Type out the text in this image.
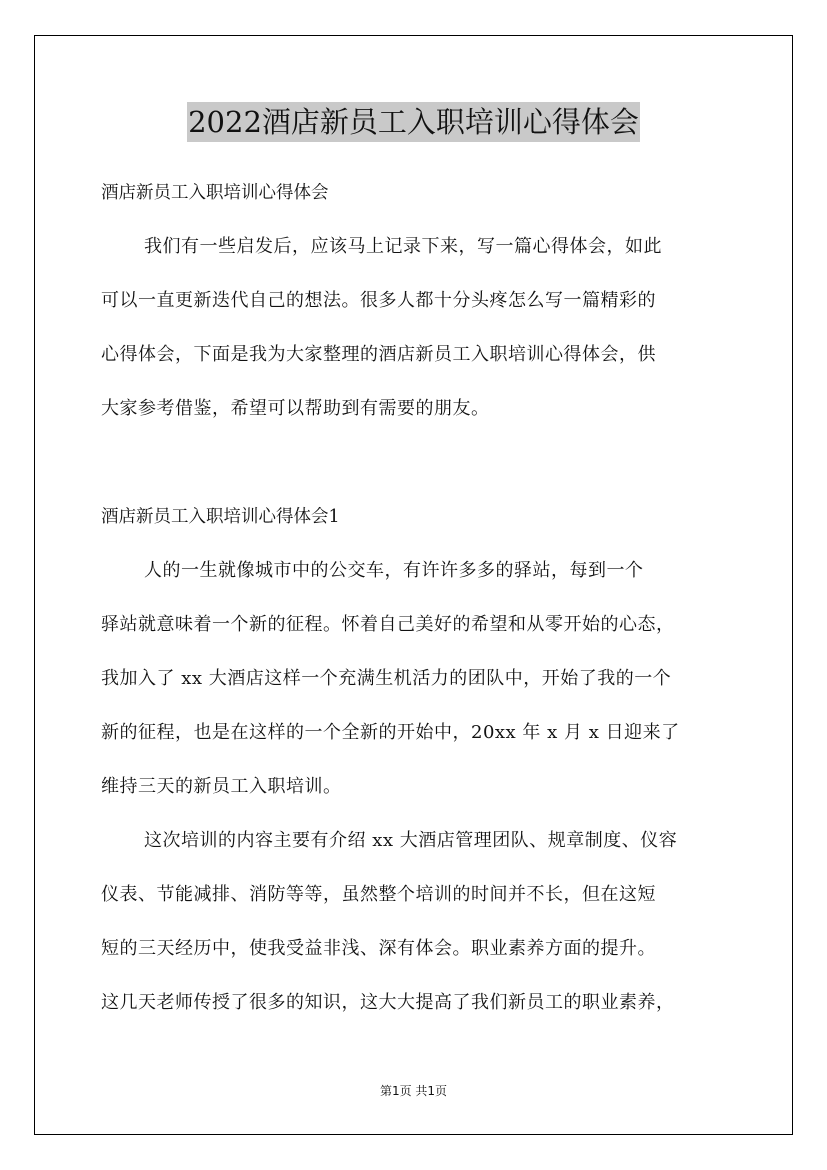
2022酒店新员工入职培训心得体会

酒店新员工入职培训心得体会

我们有一些启发后，应该马上记录下来，写一篇心得体会，如此
可以一直更新迭代自己的想法。很多人都十分头疼怎么写一篇精彩的
心得体会，下面是我为大家整理的酒店新员工入职培训心得体会，供
大家参考借鉴，希望可以帮助到有需要的朋友。

酒店新员工入职培训心得体会1

人的一生就像城市中的公交车，有许许多多的驿站，每到一个
驿站就意味着一个新的征程。怀着自己美好的希望和从零开始的心态，
我加入了 xx 大酒店这样一个充满生机活力的团队中，开始了我的一个
新的征程，也是在这样的一个全新的开始中，20xx 年 x 月 x 日迎来了
维持三天的新员工入职培训。
这次培训的内容主要有介绍 xx 大酒店管理团队、规章制度、仪容
仪表、节能减排、消防等等，虽然整个培训的时间并不长，但在这短
短的三天经历中，使我受益非浅、深有体会。职业素养方面的提升。
这几天老师传授了很多的知识，这大大提高了我们新员工的职业素养，
第1页 共1页
